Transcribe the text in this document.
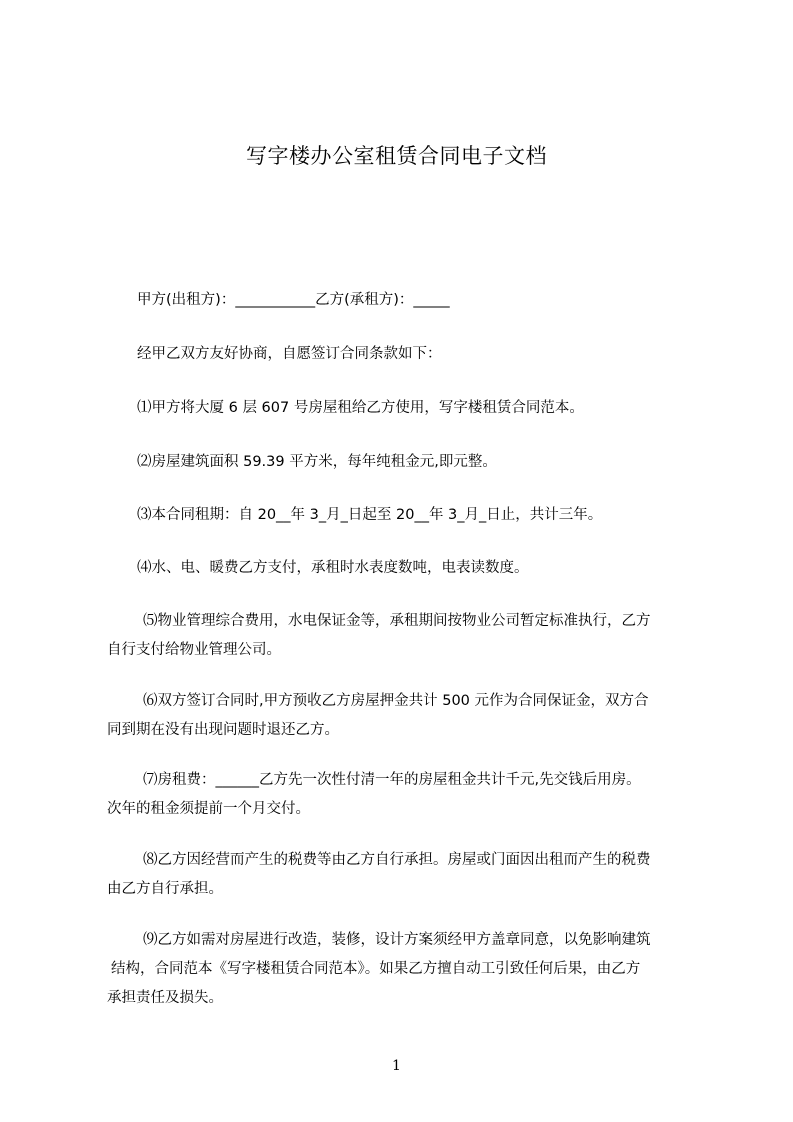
写字楼办公室租赁合同电子文档

甲方(出租方)：___________乙方(承租方)：_____

经甲乙双方友好协商，自愿签订合同条款如下：

⑴甲方将大厦 6 层 607 号房屋租给乙方使用，写字楼租赁合同范本。

⑵房屋建筑面积 59.39 平方米，每年纯租金元,即元整。

⑶本合同租期：自 20__年 3_月_日起至 20__年 3_月_日止，共计三年。

⑷水、电、暖费乙方支付，承租时水表度数吨，电表读数度。

⑸物业管理综合费用，水电保证金等，承租期间按物业公司暂定标准执行，乙方
自行支付给物业管理公司。

⑹双方签订合同时,甲方预收乙方房屋押金共计 500 元作为合同保证金，双方合
同到期在没有出现问题时退还乙方。

⑺房租费：______乙方先一次性付清一年的房屋租金共计千元,先交钱后用房。
次年的租金须提前一个月交付。

⑻乙方因经营而产生的税费等由乙方自行承担。房屋或门面因出租而产生的税费
由乙方自行承担。

⑼乙方如需对房屋进行改造，装修，设计方案须经甲方盖章同意，以免影响建筑
结构，合同范本《写字楼租赁合同范本》。如果乙方擅自动工引致任何后果，由乙方
承担责任及损失。

1
